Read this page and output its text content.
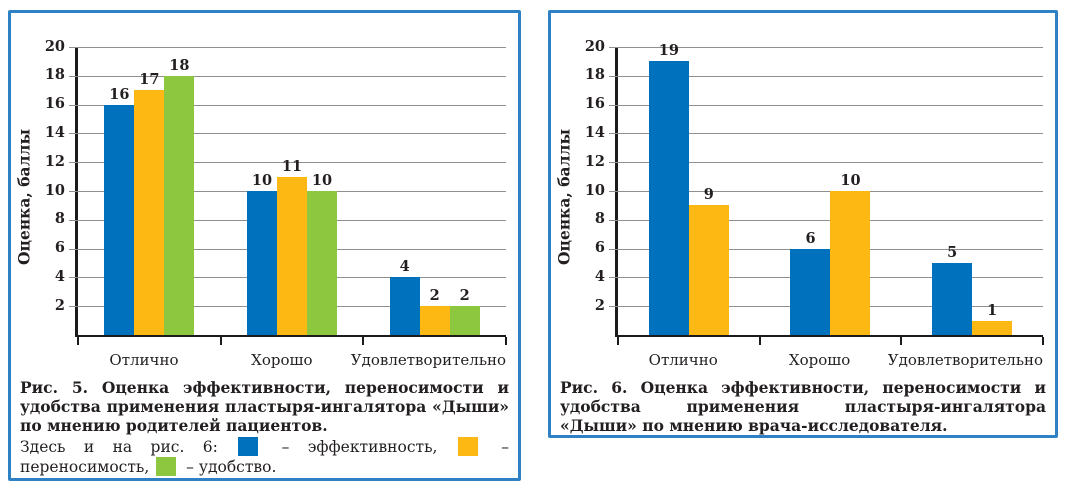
Оценка, баллы
2
4
6
8
10
12
14
16
18
20
16
17
18
10
11
10
4
2 2
Отлично	Хорошо	Удовлетворительно
Рис. 5. Оценка эффективности, переносимости и удобства применения пластыря-ингалятора «Дыши» по мнению родителей пациентов.
Здесь и на рис. 6:  – эффективность,  – переносимость,  – удобство.
Оценка, баллы
2
4
6
8
10
12
14
16
18
20	19
9
6
10
5
1
Отлично	Хорошо	Удовлетворительно
Рис. 6. Оценка эффективности, переносимости и удобства применения пластыря-ингалятора «Дыши» по мнению врача-исследователя.
